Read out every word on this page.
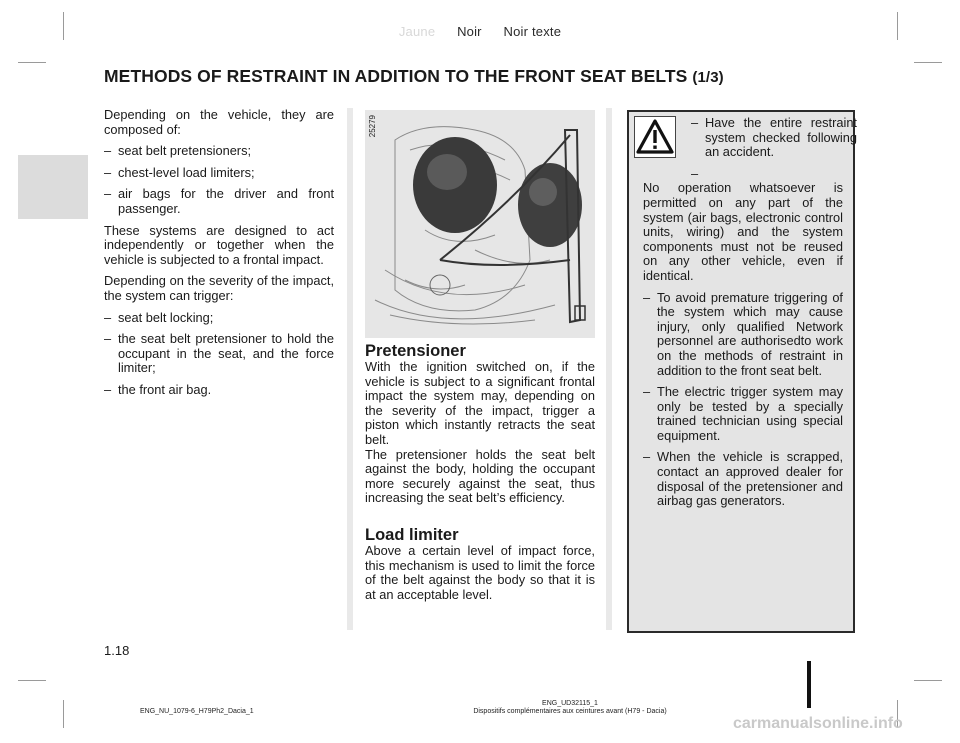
Jaune Noir Noir texte
METHODS OF RESTRAINT IN ADDITION TO THE FRONT SEAT BELTS (1/3)

Depending on the vehicle, they are composed of:

– seat belt pretensioners;
– chest-level load limiters;
– air bags for the driver and front passenger.

These systems are designed to act independently or together when the vehicle is subjected to a frontal impact.

Depending on the severity of the impact, the system can trigger:

– seat belt locking;
– the seat belt pretensioner to hold the occupant in the seat, and the force limiter;
– the front air bag.
25279
Pretensioner

With the ignition switched on, if the vehicle is subject to a significant frontal impact the system may, depending on the severity of the impact, trigger a piston which instantly retracts the seat belt.

The pretensioner holds the seat belt against the body, holding the occupant more securely against the seat, thus increasing the seat belt’s efficiency.

Load limiter

Above a certain level of impact force, this mechanism is used to limit the force of the belt against the body so that it is at an acceptable level.

– Have the entire restraint system checked following an accident.
–
No operation whatsoever is permitted on any part of the system (air bags, electronic control units, wiring) and the system components must not be reused on any other vehicle, even if identical.
– To avoid premature triggering of the system which may cause injury, only qualified Network personnel are authorisedto work on the methods of restraint in addition to the front seat belt.
– The electric trigger system may only be tested by a specially trained technician using special equipment.
– When the vehicle is scrapped, contact an approved dealer for disposal of the pretensioner and airbag gas generators.
1.18
ENG_NU_1079-6_H79Ph2_Dacia_1
ENG_UD32115_1
Dispositifs complémentaires aux ceintures avant (H79 - Dacia)
carmanualsonline.info
